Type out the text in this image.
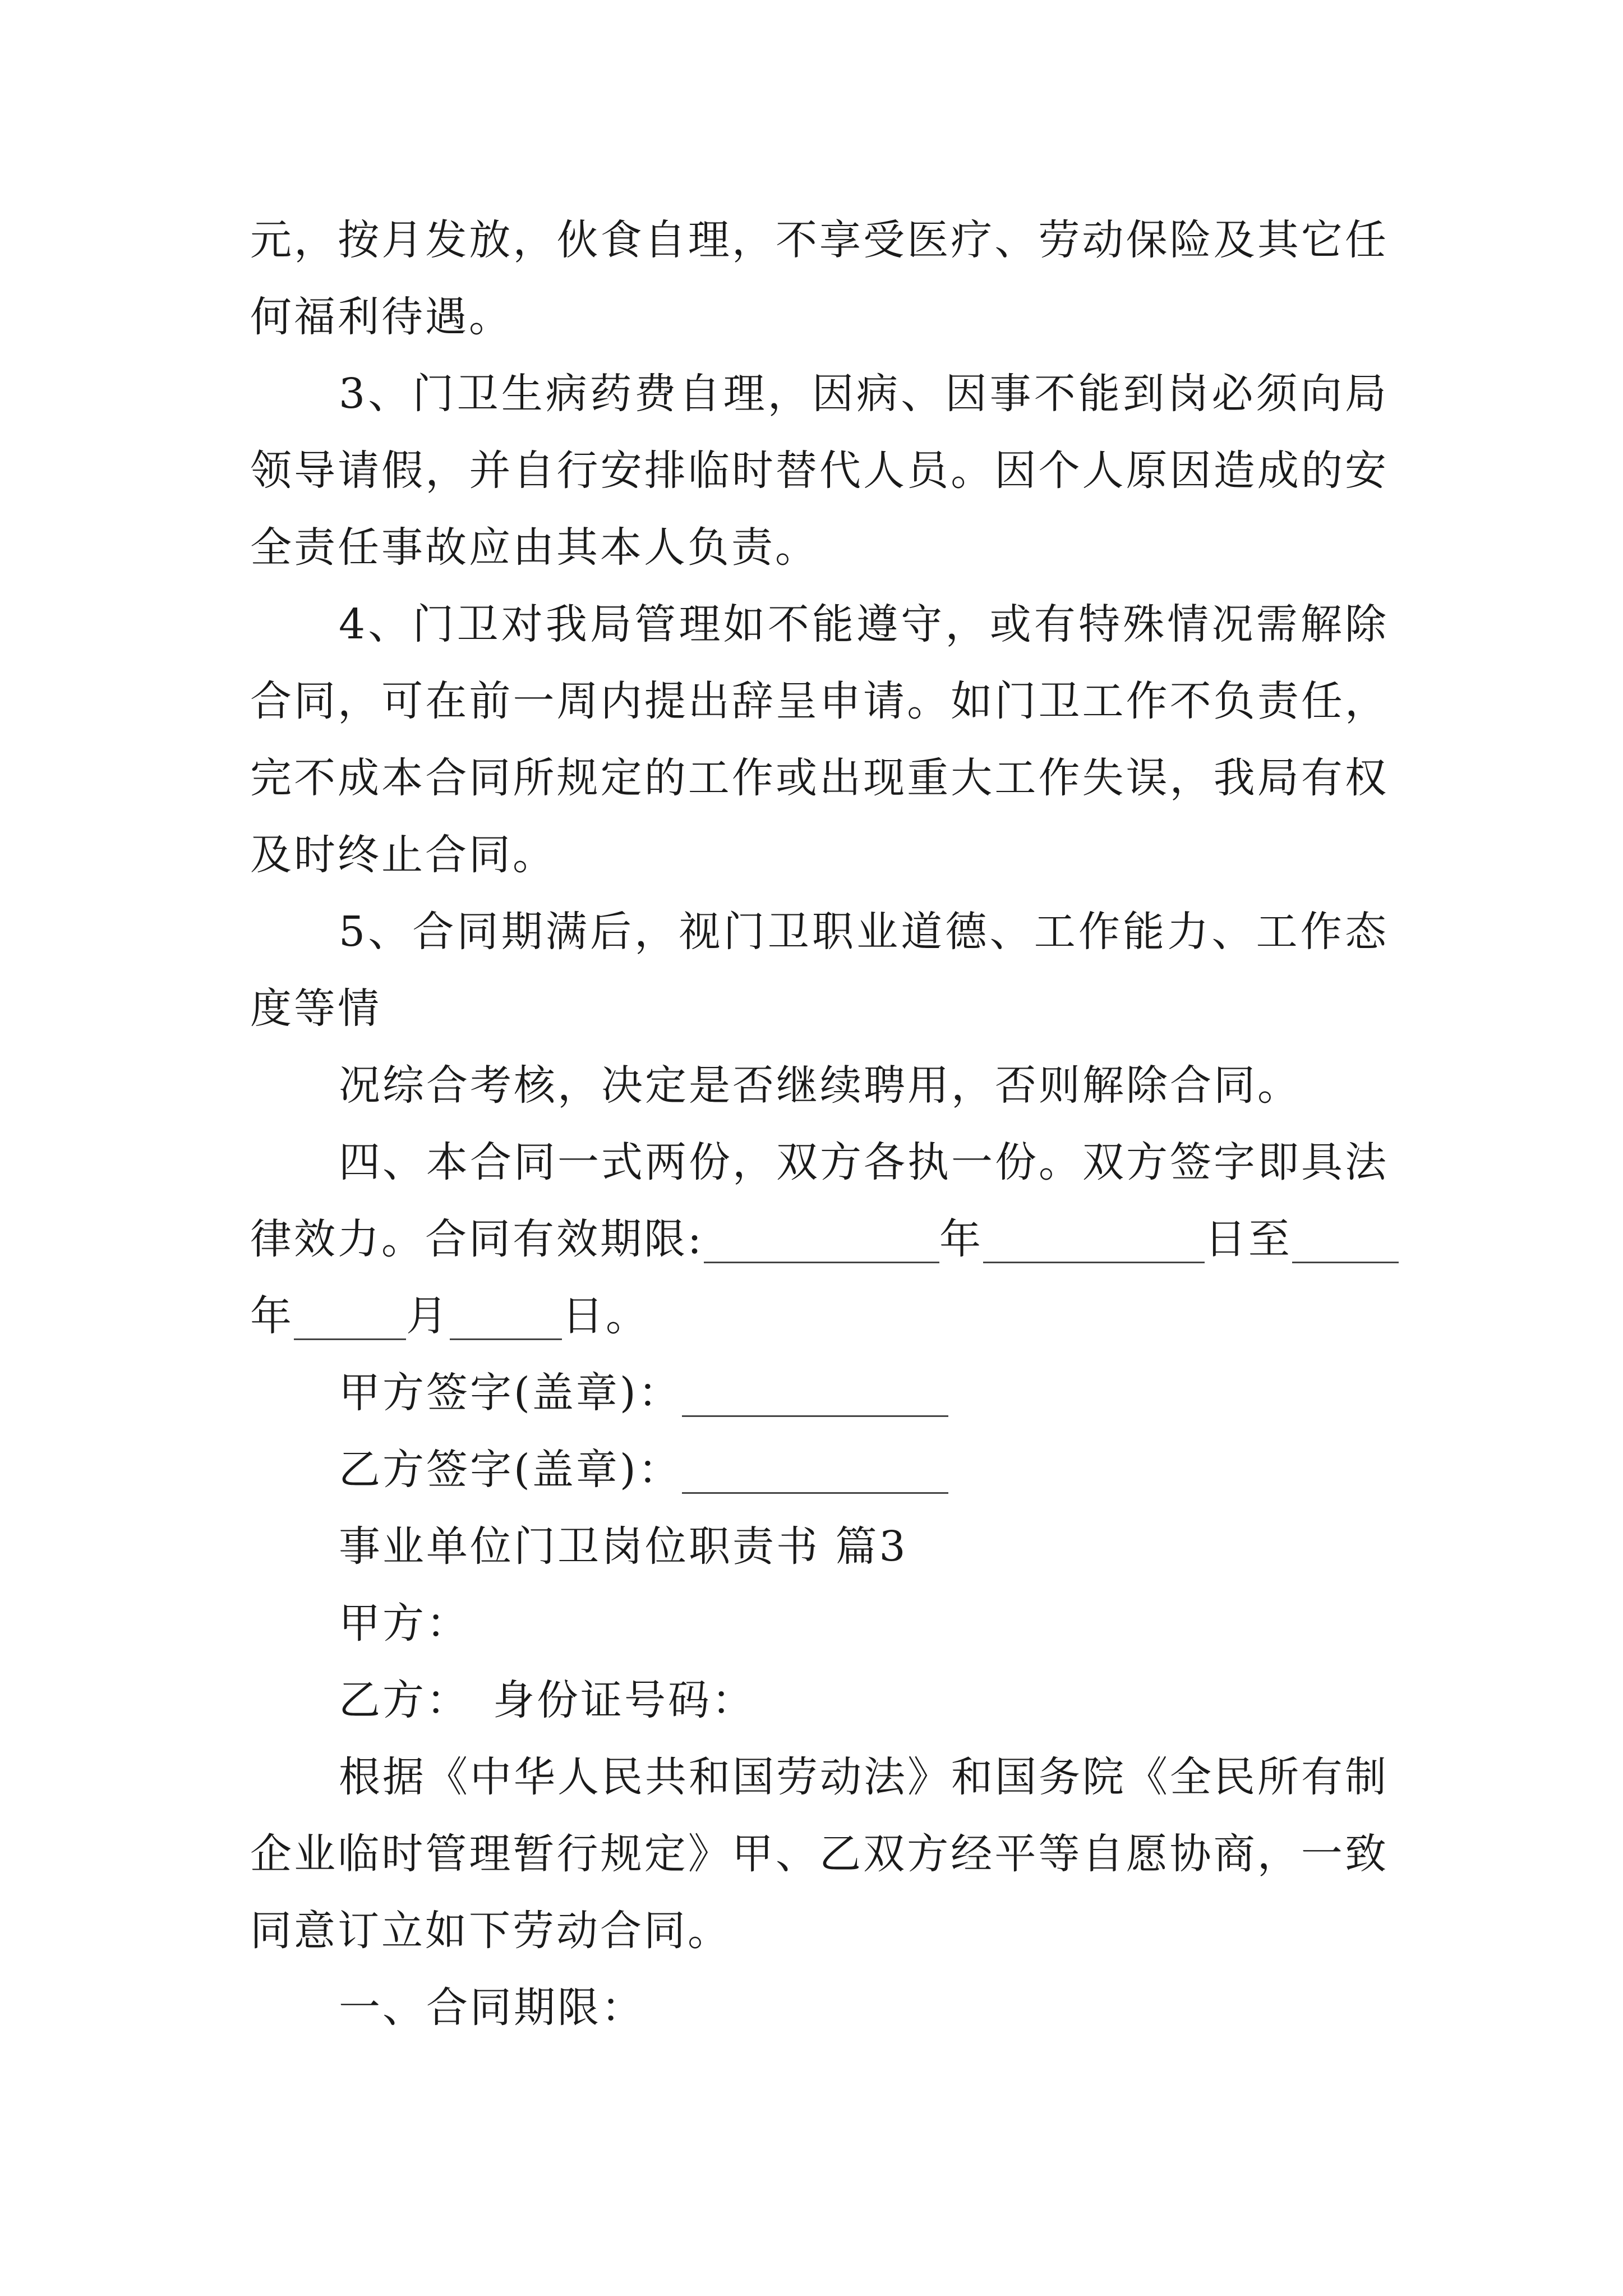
元，按月发放，伙食自理，不享受医疗、劳动保险及其它任
何福利待遇。
3、门卫生病药费自理，因病、因事不能到岗必须向局
领导请假，并自行安排临时替代人员。因个人原因造成的安
全责任事故应由其本人负责。
4、门卫对我局管理如不能遵守，或有特殊情况需解除
合同，可在前一周内提出辞呈申请。如门卫工作不负责任，
完不成本合同所规定的工作或出现重大工作失误，我局有权
及时终止合同。
5、合同期满后，视门卫职业道德、工作能力、工作态
度等情
况综合考核，决定是否继续聘用，否则解除合同。
四、本合同一式两份，双方各执一份。双方签字即具法
律效力。合同有效期限:	年	日至
年	月	日。
甲方签字(盖章)：
乙方签字(盖章)：
事业单位门卫岗位职责书 篇3
甲方：
乙方：　身份证号码：
根据《中华人民共和国劳动法》和国务院《全民所有制
企业临时管理暂行规定》甲、乙双方经平等自愿协商，一致
同意订立如下劳动合同。
一、合同期限：
